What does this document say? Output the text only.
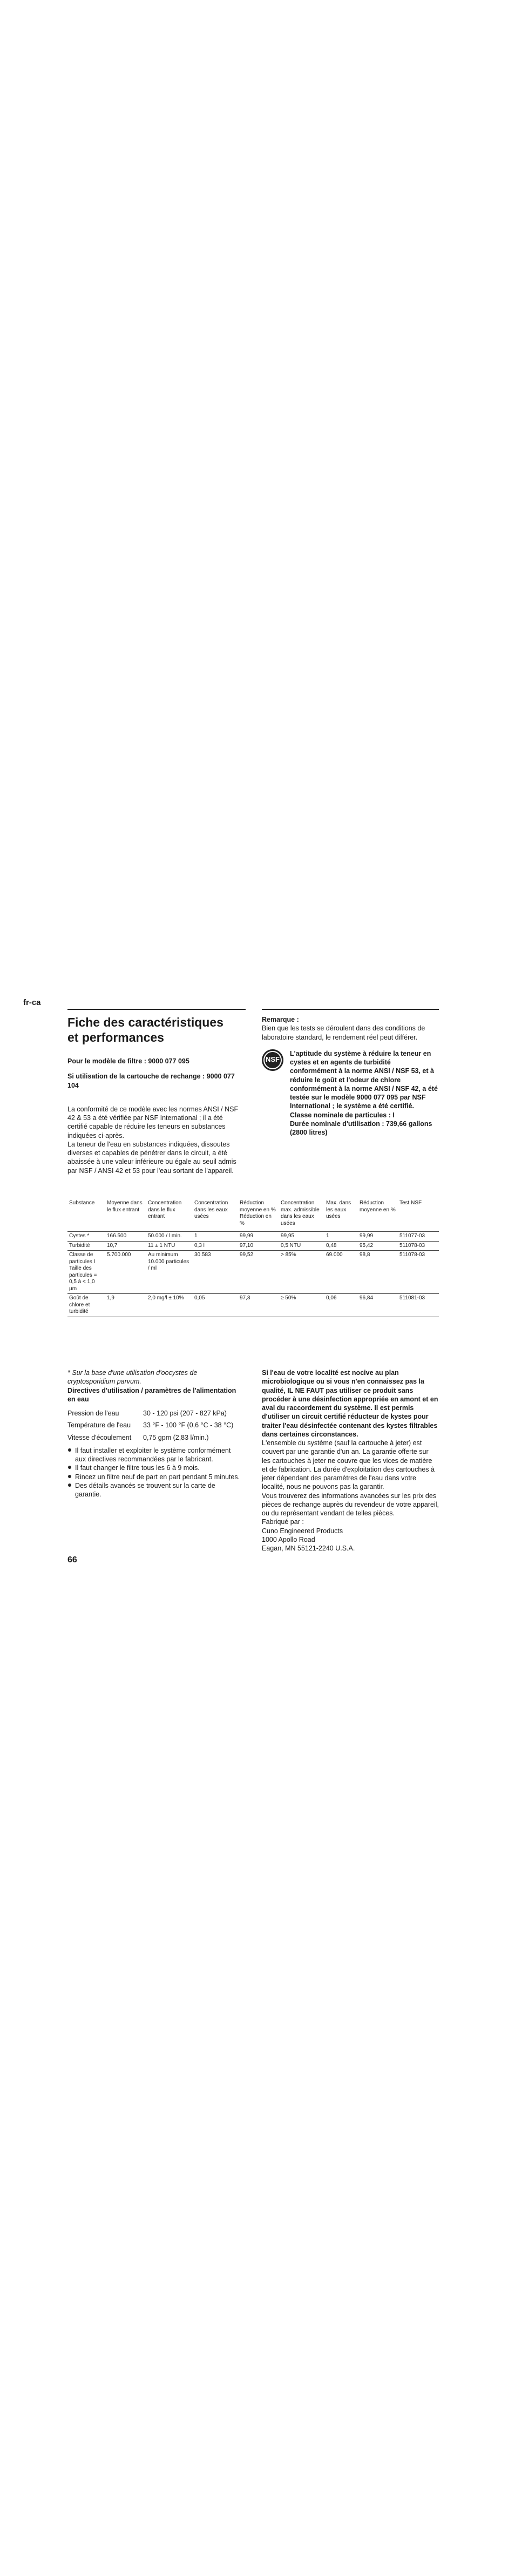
fr-ca

Fiche des caractéristiques
et performances

Pour le modèle de filtre : 9000 077 095

Si utilisation de la cartouche de rechange : 9000 077 104

La conformité de ce modèle avec les normes ANSI / NSF 42 & 53 a été vérifiée par NSF International ; il a été certifié capable de réduire les teneurs en substances indiquées ci-après.

La teneur de l'eau en substances indiquées, dissoutes diverses et capables de pénétrer dans le circuit, a été abaissée à une valeur inférieure ou égale au seuil admis par NSF / ANSI 42 et 53 pour l'eau sortant de l'appareil.

Remarque :

Bien que les tests se déroulent dans des conditions de laboratoire standard, le rendement réel peut différer.

NSF

L'aptitude du système à réduire la teneur en cystes et en agents de turbidité conformément à la norme ANSI / NSF 53, et à réduire le goût et l'odeur de chlore conformément à la norme ANSI / NSF 42, a été testée sur le modèle 9000 077 095 par NSF International ; le système a été certifié.

Classe nominale de particules : I

Durée nominale d'utilisation : 739,66 gallons (2800 litres)

Substance	Moyenne dans le flux entrant	Concentration dans le flux entrant	Concentration dans les eaux usées	Réduction moyenne en % Réduction en %	Concentration max. admissible dans les eaux usées	Max. dans les eaux usées	Réduction moyenne en %	Test NSF
Cystes *	166.500	50.000 / l min.	1	99,99	99,95	1	99,99	511077-03
Turbidité	10,7	11 ± 1 NTU	0,3 l	97,10	0,5 NTU	0,48	95,42	511078-03
Classe de particules I Taille des particules = 0,5 à < 1,0 µm	5.700.000	Au minimum 10.000 particules / ml	30.583	99,52	> 85%	69.000	98,8	511078-03
Goût de chlore et turbidité	1,9	2,0 mg/l ± 10%	0,05	97,3	≥ 50%	0,06	96,84	511081-03

* Sur la base d'une utilisation d'oocystes de cryptosporidium parvum.

Directives d'utilisation / paramètres de l'alimentation en eau

Pression de l'eau	30 - 120 psi (207 - 827 kPa)
Température de l'eau	33 °F - 100 °F (0,6 °C - 38 °C)
Vitesse d'écoulement	0,75 gpm (2,83 l/min.)

Il faut installer et exploiter le système conformément aux directives recommandées par le fabricant.

Il faut changer le filtre tous les 6 à 9 mois.

Rincez un filtre neuf de part en part pendant 5 minutes.

Des détails avancés se trouvent sur la carte de garantie.

Si l'eau de votre localité est nocive au plan microbiologique ou si vous n'en connaissez pas la qualité, IL NE FAUT pas utiliser ce produit sans procéder à une désinfection appropriée en amont et en aval du raccordement du système. Il est permis d'utiliser un circuit certifié réducteur de kystes pour traiter l'eau désinfectée contenant des kystes filtrables dans certaines circonstances.

L'ensemble du système (sauf la cartouche à jeter) est couvert par une garantie d'un an. La garantie offerte sur les cartouches à jeter ne couvre que les vices de matière et de fabrication. La durée d'exploitation des cartouches à jeter dépendant des paramètres de l'eau dans votre localité, nous ne pouvons pas la garantir.

Vous trouverez des informations avancées sur les prix des pièces de rechange auprès du revendeur de votre appareil, ou du représentant vendant de telles pièces.

Fabriqué par :

Cuno Engineered Products

1000 Apollo Road

Eagan, MN 55121-2240 U.S.A.

66
